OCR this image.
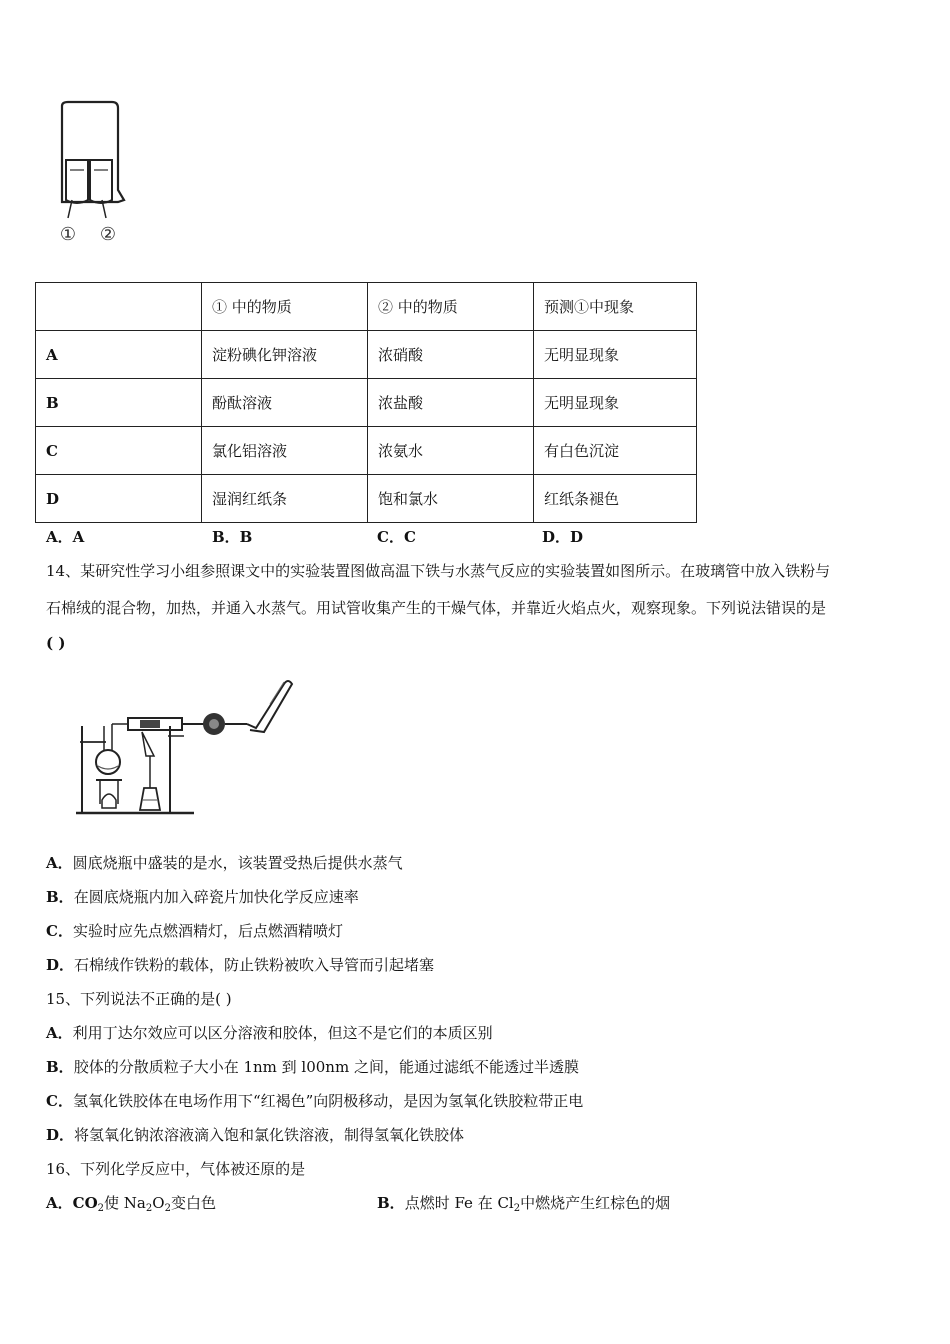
① ②
	① 中的物质	② 中的物质	预测①中现象
A	淀粉碘化钾溶液	浓硝酸	无明显现象
B	酚酞溶液	浓盐酸	无明显现象
C	氯化铝溶液	浓氨水	有白色沉淀
D	湿润红纸条	饱和氯水	红纸条褪色
A．A	B．B	C．C	D．D
14、某研究性学习小组参照课文中的实验装置图做高温下铁与水蒸气反应的实验装置如图所示。在玻璃管中放入铁粉与
石棉绒的混合物，加热，并通入水蒸气。用试管收集产生的干燥气体，并靠近火焰点火，观察现象。下列说法错误的是
( )
A．圆底烧瓶中盛装的是水，该装置受热后提供水蒸气
B．在圆底烧瓶内加入碎瓷片加快化学反应速率
C．实验时应先点燃酒精灯，后点燃酒精喷灯
D．石棉绒作铁粉的载体，防止铁粉被吹入导管而引起堵塞
15、下列说法不正确的是( )
A．利用丁达尔效应可以区分溶液和胶体，但这不是它们的本质区别
B．胶体的分散质粒子大小在 1nm 到 l00nm 之间，能通过滤纸不能透过半透膜
C．氢氧化铁胶体在电场作用下“红褐色”向阴极移动，是因为氢氧化铁胶粒带正电
D．将氢氧化钠浓溶液滴入饱和氯化铁溶液，制得氢氧化铁胶体
16、下列化学反应中，气体被还原的是
A．$CO_2$使 $Na_2O_2$变白色	B．点燃时 Fe 在 $Cl_2$中燃烧产生红棕色的烟
